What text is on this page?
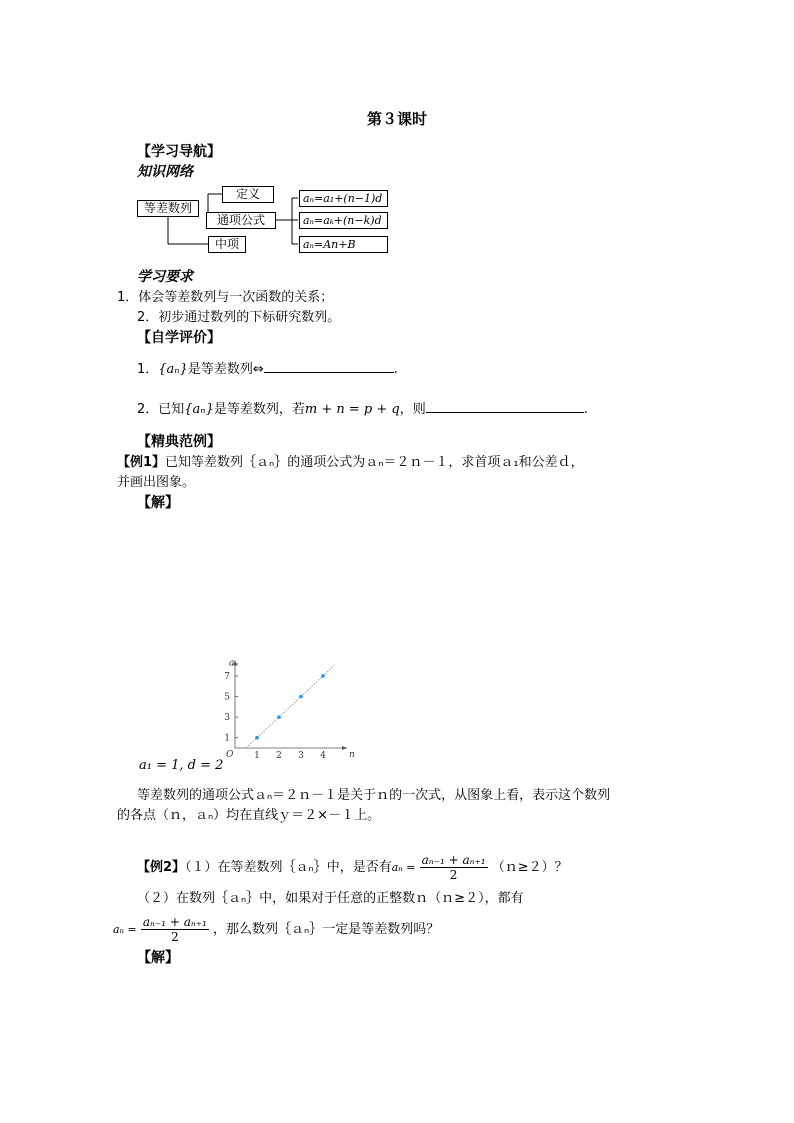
第３课时
【学习导航】
知识网络
等差数列
定义
通项公式
中项
aₙ=a₁+(n−1)d
aₙ=aₖ+(n−k)d
aₙ=An+B
学习要求
1．体会等差数列与一次函数的关系；
2．初步通过数列的下标研究数列。
【自学评价】
1．{aₙ}是等差数列⇔	.
2．已知{aₙ}是等差数列，若m + n = p + q，则	.
【精典范例】
【例1】已知等差数列｛ａₙ｝的通项公式为ａₙ＝２ｎ－１，求首项ａ₁和公差ｄ，
并画出图象。
【解】
1 2 3 4
1
3
5
7
O	n
aₙ
a₁ = 1, d = 2
等差数列的通项公式ａₙ＝２ｎ－１是关于ｎ的一次式，从图象上看，表示这个数列
的各点（ｎ，ａₙ）均在直线ｙ＝２×－１上。
【例2】（１）在等差数列｛ａₙ｝中，是否有$a_n = \frac{\text{aₙ₋₁ + aₙ₊₁}}{2}$ （ｎ≥２）？
（２）在数列｛ａₙ｝中，如果对于任意的正整数ｎ（ｎ≥２），都有
$a_n = \frac{\text{aₙ₋₁ + aₙ₊₁}}{2}$ ，那么数列｛ａₙ｝一定是等差数列吗？
【解】
